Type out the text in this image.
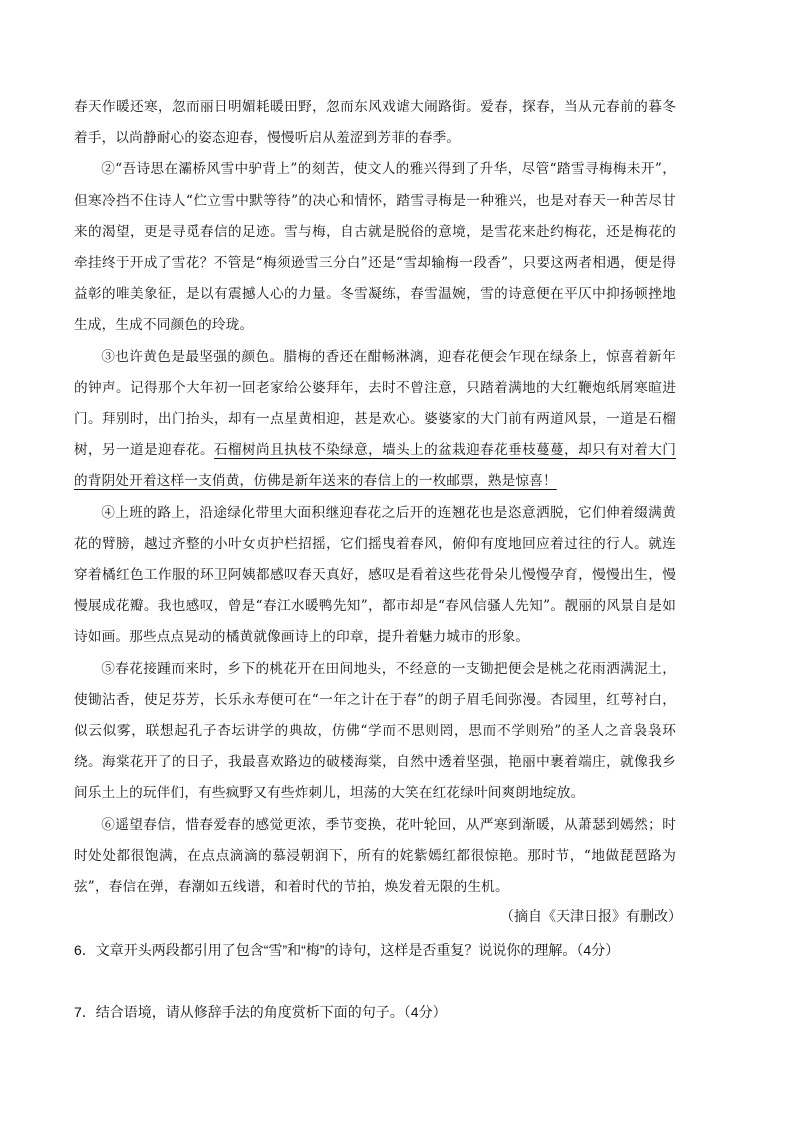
春天作暖还寒，忽而丽日明媚耗暖田野，忽而东风戏谑大闹路街。爱春，探春，当从元春前的暮冬着手，以尚静耐心的姿态迎春，慢慢听启从羞涩到芳菲的春季。

②“吾诗思在灞桥风雪中驴背上”的刻苦，使文人的雅兴得到了升华，尽管“踏雪寻梅梅未开”，但寒冷挡不住诗人“伫立雪中默等待”的决心和情怀，踏雪寻梅是一种雅兴，也是对春天一种苦尽甘来的渴望，更是寻觅春信的足迹。雪与梅，自古就是脱俗的意境，是雪花来赴约梅花，还是梅花的牵挂终于开成了雪花？不管是“梅须逊雪三分白”还是“雪却输梅一段香”，只要这两者相遇，便是得益彰的唯美象征，是以有震撼人心的力量。冬雪凝练，春雪温婉，雪的诗意便在平仄中抑扬顿挫地生成，生成不同颜色的玲珑。

③也许黄色是最坚强的颜色。腊梅的香还在酣畅淋漓，迎春花便会乍现在绿条上，惊喜着新年的钟声。记得那个大年初一回老家给公婆拜年，去时不曾注意，只踏着满地的大红鞭炮纸屑寒暄进门。拜别时，出门抬头，却有一点星黄相迎，甚是欢心。婆婆家的大门前有两道风景，一道是石榴树，另一道是迎春花。石榴树尚且执枝不染绿意，墙头上的盆栽迎春花垂枝蔓蔓，却只有对着大门的背阴处开着这样一支俏黄，仿佛是新年送来的春信上的一枚邮票，熟是惊喜！

④上班的路上，沿途绿化带里大面积继迎春花之后开的连翘花也是恣意洒脱，它们伸着缀满黄花的臂膀，越过齐整的小叶女贞护栏招摇，它们摇曳着春风，俯仰有度地回应着过往的行人。就连穿着橘红色工作服的环卫阿姨都感叹春天真好，感叹是看着这些花骨朵儿慢慢孕育，慢慢出生，慢慢展成花瓣。我也感叹，曾是“春江水暖鸭先知”，都市却是“春风信骚人先知”。靓丽的风景自是如诗如画。那些点点晃动的橘黄就像画诗上的印章，提升着魅力城市的形象。

⑤春花接踵而来时，乡下的桃花开在田间地头，不经意的一支锄把便会是桃之花雨洒满泥土，使锄沾香，使足芬芳，长乐永寿便可在“一年之计在于春”的朗子眉毛间弥漫。杏园里，红萼衬白，似云似雾，联想起孔子杏坛讲学的典故，仿佛“学而不思则罔，思而不学则殆”的圣人之音袅袅环绕。海棠花开了的日子，我最喜欢路边的破楼海棠，自然中透着坚强，艳丽中裹着端庄，就像我乡间乐土上的玩伴们，有些疯野又有些炸刺儿，坦荡的大笑在红花绿叶间爽朗地绽放。

⑥遥望春信，惜春爱春的感觉更浓，季节变换，花叶轮回，从严寒到渐暖，从萧瑟到嫣然；时时处处都很饱满，在点点滴滴的慕浸朝润下，所有的姹紫嫣红都很惊艳。那时节，“地做琵琶路为弦”，春信在弹，春潮如五线谱，和着时代的节拍，焕发着无限的生机。

（摘自《天津日报》有删改）
6．文章开头两段都引用了包含“雪”和“梅”的诗句，这样是否重复？说说你的理解。（4分）
7．结合语境，请从修辞手法的角度赏析下面的句子。（4分）
